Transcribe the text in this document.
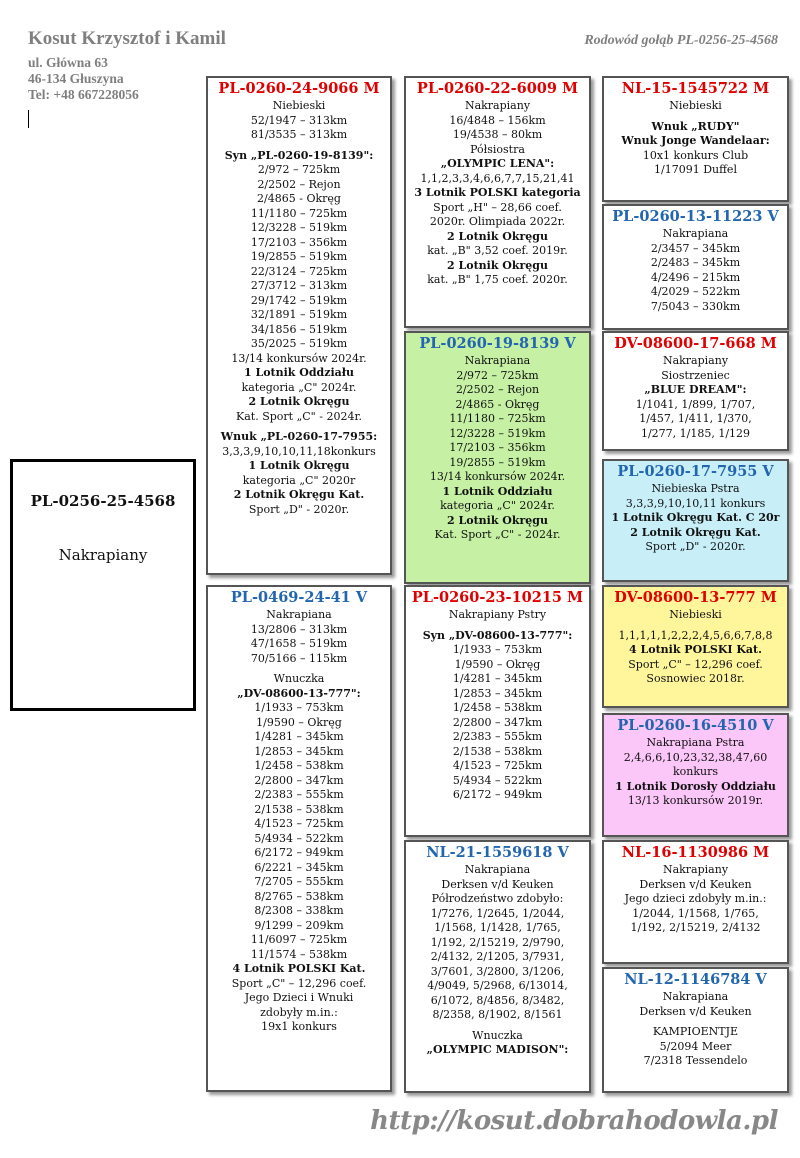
Kosut Krzysztof i Kamil
ul. Główna 63
46-134 Głuszyna
Tel: +48 667228056
Rodowód gołąb PL-0256-25-4568
PL-0256-25-4568
Nakrapiany
PL-0260-24-9066 M
Niebieski
52/1947 – 313km
81/3535 – 313km
Syn „PL-0260-19-8139":
2/972 – 725km
2/2502 – Rejon
2/4865 - Okręg
11/1180 – 725km
12/3228 – 519km
17/2103 – 356km
19/2855 – 519km
22/3124 – 725km
27/3712 – 313km
29/1742 – 519km
32/1891 – 519km
34/1856 – 519km
35/2025 – 519km
13/14 konkursów 2024r.
1 Lotnik Oddziału
kategoria „C" 2024r.
2 Lotnik Okręgu
Kat. Sport „C" - 2024r.
Wnuk „PL-0260-17-7955:
3,3,3,9,10,10,11,18konkurs
1 Lotnik Okręgu
kategoria „C" 2020r
2 Lotnik Okręgu Kat.
Sport „D" - 2020r.
PL-0469-24-41 V
Nakrapiana
13/2806 – 313km
47/1658 – 519km
70/5166 – 115km
Wnuczka
„DV-08600-13-777":
1/1933 – 753km
1/9590 – Okręg
1/4281 – 345km
1/2853 – 345km
1/2458 – 538km
2/2800 – 347km
2/2383 – 555km
2/1538 – 538km
4/1523 – 725km
5/4934 – 522km
6/2172 – 949km
6/2221 – 345km
7/2705 – 555km
8/2765 – 538km
8/2308 – 338km
9/1299 – 209km
11/6097 – 725km
11/1574 – 538km
4 Lotnik POLSKI Kat.
Sport „C" – 12,296 coef.
Jego Dzieci i Wnuki
zdobyły m.in.:
19x1 konkurs
PL-0260-22-6009 M
Nakrapiany
16/4848 – 156km
19/4538 – 80km
Półsiostra
„OLYMPIC LENA":
1,1,2,3,3,4,6,6,7,7,15,21,41
3 Lotnik POLSKI kategoria
Sport „H" – 28,66 coef.
2020r. Olimpiada 2022r.
2 Lotnik Okręgu
kat. „B" 3,52 coef. 2019r.
2 Lotnik Okręgu
kat. „B" 1,75 coef. 2020r.
PL-0260-19-8139 V
Nakrapiana
2/972 – 725km
2/2502 – Rejon
2/4865 - Okręg
11/1180 – 725km
12/3228 – 519km
17/2103 – 356km
19/2855 – 519km
13/14 konkursów 2024r.
1 Lotnik Oddziału
kategoria „C" 2024r.
2 Lotnik Okręgu
Kat. Sport „C" - 2024r.
PL-0260-23-10215 M
Nakrapiany Pstry
Syn „DV-08600-13-777":
1/1933 – 753km
1/9590 – Okręg
1/4281 – 345km
1/2853 – 345km
1/2458 – 538km
2/2800 – 347km
2/2383 – 555km
2/1538 – 538km
4/1523 – 725km
5/4934 – 522km
6/2172 – 949km
NL-21-1559618 V
Nakrapiana
Derksen v/d Keuken
Półrodzeństwo zdobyło:
1/7276, 1/2645, 1/2044,
1/1568, 1/1428, 1/765,
1/192, 2/15219, 2/9790,
2/4132, 2/1205, 3/7931,
3/7601, 3/2800, 3/1206,
4/9049, 5/2968, 6/13014,
6/1072, 8/4856, 8/3482,
8/2358, 8/1902, 8/1561
Wnuczka
„OLYMPIC MADISON":
NL-15-1545722 M
Niebieski
Wnuk „RUDY"
Wnuk Jonge Wandelaar:
10x1 konkurs Club
1/17091 Duffel
PL-0260-13-11223 V
Nakrapiana
2/3457 – 345km
2/2483 – 345km
4/2496 – 215km
4/2029 – 522km
7/5043 – 330km
DV-08600-17-668 M
Nakrapiany
Siostrzeniec
„BLUE DREAM":
1/1041, 1/899, 1/707,
1/457, 1/411, 1/370,
1/277, 1/185, 1/129
PL-0260-17-7955 V
Niebieska Pstra
3,3,3,9,10,10,11 konkurs
1 Lotnik Okręgu Kat. C 20r
2 Lotnik Okręgu Kat.
Sport „D" - 2020r.
DV-08600-13-777 M
Niebieski
1,1,1,1,1,2,2,2,4,5,6,6,7,8,8
4 Lotnik POLSKI Kat.
Sport „C" – 12,296 coef.
Sosnowiec 2018r.
PL-0260-16-4510 V
Nakrapiana Pstra
2,4,6,6,10,23,32,38,47,60
konkurs
1 Lotnik Dorosły Oddziału
13/13 konkursów 2019r.
NL-16-1130986 M
Nakrapiany
Derksen v/d Keuken
Jego dzieci zdobyły m.in.:
1/2044, 1/1568, 1/765,
1/192, 2/15219, 2/4132
NL-12-1146784 V
Nakrapiana
Derksen v/d Keuken
KAMPIOENTJE
5/2094 Meer
7/2318 Tessendelo
http://kosut.dobrahodowla.pl
